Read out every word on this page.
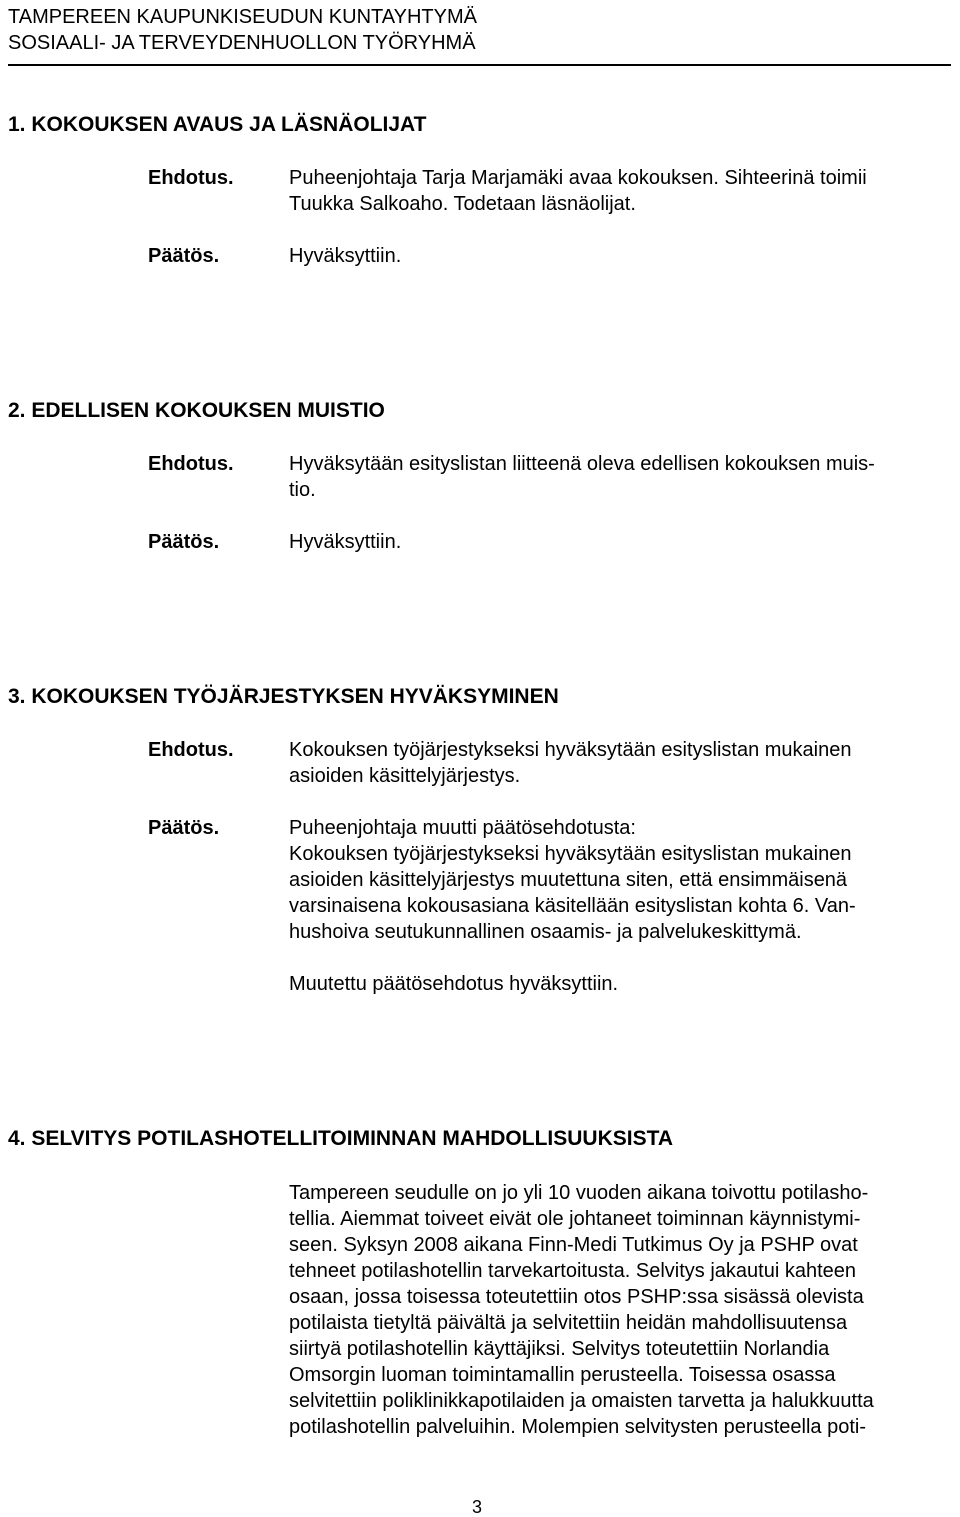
TAMPEREEN KAUPUNKISEUDUN KUNTAYHTYMÄ
SOSIAALI- JA TERVEYDENHUOLLON TYÖRYHMÄ
1. KOKOUKSEN AVAUS JA LÄSNÄOLIJAT
Ehdotus.	Puheenjohtaja Tarja Marjamäki avaa kokouksen. Sihteerinä toimii
Tuukka Salkoaho. Todetaan läsnäolijat.
Päätös.	Hyväksyttiin.
2. EDELLISEN KOKOUKSEN MUISTIO
Ehdotus.	Hyväksytään esityslistan liitteenä oleva edellisen kokouksen muis-
tio.
Päätös.	Hyväksyttiin.
3. KOKOUKSEN TYÖJÄRJESTYKSEN HYVÄKSYMINEN
Ehdotus.	Kokouksen työjärjestykseksi hyväksytään esityslistan mukainen
asioiden käsittelyjärjestys.
Päätös.	Puheenjohtaja muutti päätösehdotusta:
Kokouksen työjärjestykseksi hyväksytään esityslistan mukainen
asioiden käsittelyjärjestys muutettuna siten, että ensimmäisenä
varsinaisena kokousasiana käsitellään esityslistan kohta 6. Van-
hushoiva seutukunnallinen osaamis- ja palvelukeskittymä.
Muutettu päätösehdotus hyväksyttiin.
4. SELVITYS POTILASHOTELLITOIMINNAN MAHDOLLISUUKSISTA
Tampereen seudulle on jo yli 10 vuoden aikana toivottu potilasho-
tellia. Aiemmat toiveet eivät ole johtaneet toiminnan käynnistymi-
seen. Syksyn 2008 aikana Finn-Medi Tutkimus Oy ja PSHP ovat
tehneet potilashotellin tarvekartoitusta. Selvitys jakautui kahteen
osaan, jossa toisessa toteutettiin otos PSHP:ssa sisässä olevista
potilaista tietyltä päivältä ja selvitettiin heidän mahdollisuutensa
siirtyä potilashotellin käyttäjiksi. Selvitys toteutettiin Norlandia
Omsorgin luoman toimintamallin perusteella. Toisessa osassa
selvitettiin poliklinikkapotilaiden ja omaisten tarvetta ja halukkuutta
potilashotellin palveluihin. Molempien selvitysten perusteella poti-
3
